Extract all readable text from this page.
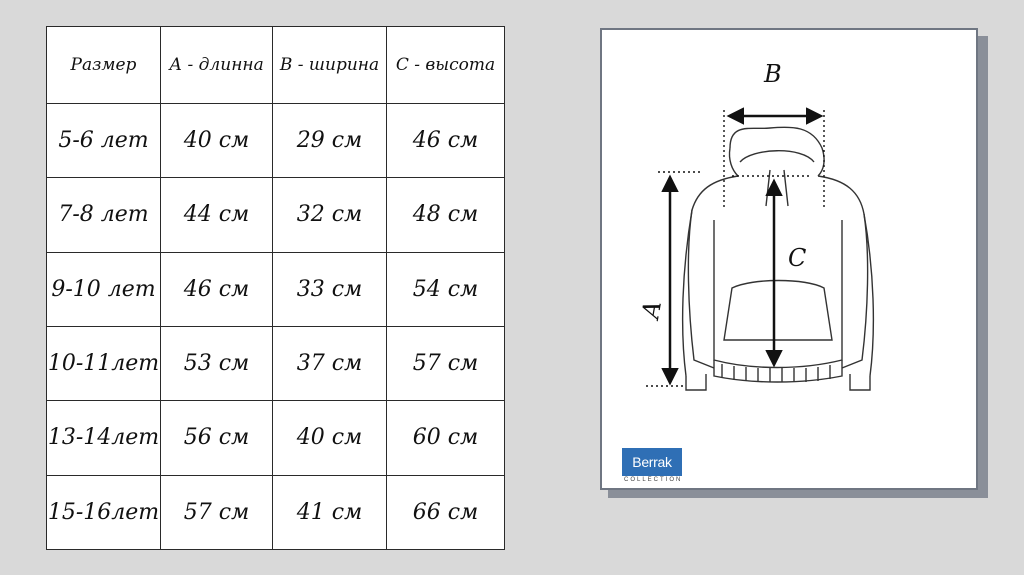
Размер	А - длинна	В - ширина	С - высота
5-6 лет	40 см	29 см	46 см
7-8 лет	44 см	32 см	48 см
9-10 лет	46 см	33 см	54 см
10-11лет	53 см	37 см	57 см
13-14лет	56 см	40 см	60 см
15-16лет	57 см	41 см	66 см
В
А
С
Berrak
COLLECTION
